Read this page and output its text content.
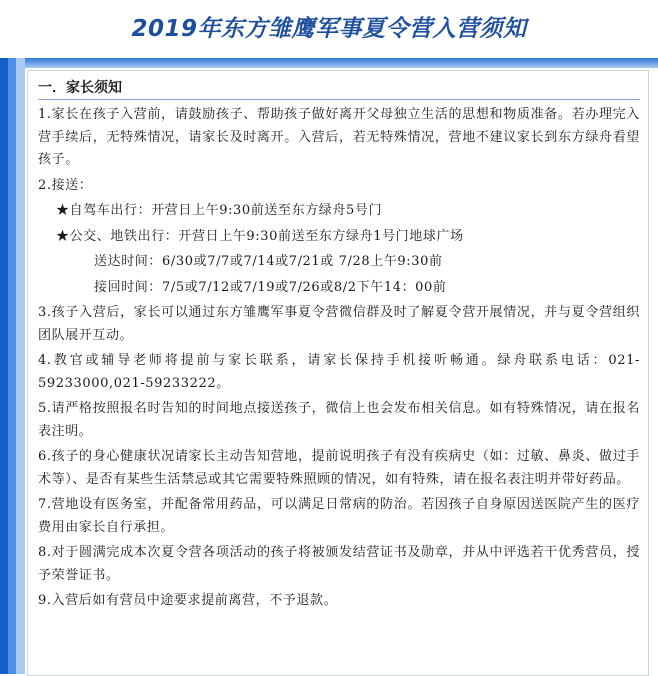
2019年东方雏鹰军事夏令营入营须知
一．家长须知

1.家长在孩子入营前，请鼓励孩子、帮助孩子做好离开父母独立生活的思想和物质准备。若办理完入营手续后，无特殊情况，请家长及时离开。入营后，若无特殊情况，营地不建议家长到东方绿舟看望孩子。

2.接送：

★自驾车出行：开营日上午9:30前送至东方绿舟5号门

★公交、地铁出行：开营日上午9:30前送至东方绿舟1号门地球广场

送达时间：6/30或7/7或7/14或7/21或 7/28上午9:30前

接回时间：7/5或7/12或7/19或7/26或8/2下午14：00前

3.孩子入营后，家长可以通过东方雏鹰军事夏令营微信群及时了解夏令营开展情况，并与夏令营组织团队展开互动。

4.教官或辅导老师将提前与家长联系，请家长保持手机接听畅通。绿舟联系电话：021-59233000,021-59233222。

5.请严格按照报名时告知的时间地点接送孩子，微信上也会发布相关信息。如有特殊情况，请在报名表注明。

6.孩子的身心健康状况请家长主动告知营地，提前说明孩子有没有疾病史（如：过敏、鼻炎、做过手术等）、是否有某些生活禁忌或其它需要特殊照顾的情况，如有特殊，请在报名表注明并带好药品。

7.营地设有医务室，并配备常用药品，可以满足日常病的防治。若因孩子自身原因送医院产生的医疗费用由家长自行承担。

8.对于圆满完成本次夏令营各项活动的孩子将被颁发结营证书及勋章，并从中评选若干优秀营员，授予荣誉证书。

9.入营后如有营员中途要求提前离营，不予退款。
